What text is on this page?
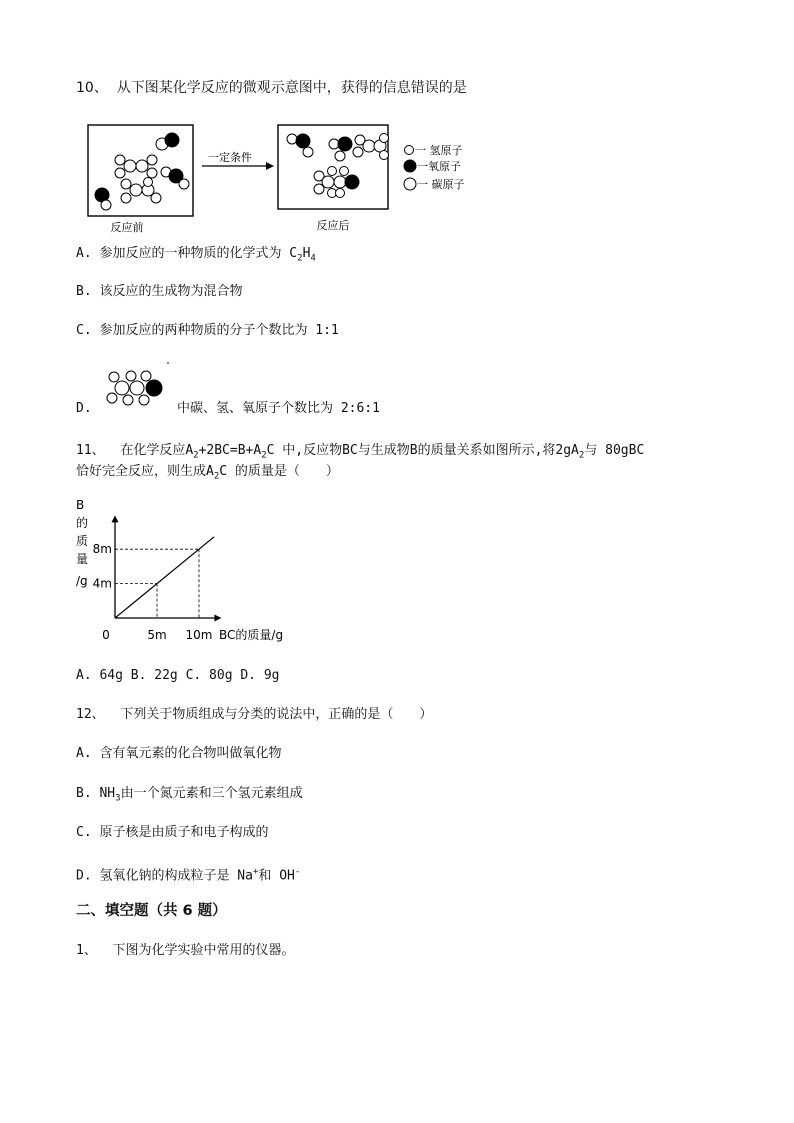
10、 从下图某化学反应的微观示意图中，获得的信息错误的是
反应前
一定条件
反应后
一 氢原子
一氧原子
一 碳原子
A. 参加反应的一种物质的化学式为 $C_2H_4$
B. 该反应的生成物为混合物
C. 参加反应的两种物质的分子个数比为 1:1
D.	中碳、氢、氧原子个数比为 2:6:1
11、 在化学反应$A_2+2BC=B+A_2C$ 中,反应物BC与生成物B的质量关系如图所示,将$2gA_2$与 80gBC
恰好完全反应，则生成$A_2C$ 的质量是（　　）
4m
5m
8m
10m
0
B
的
质
量
/g
BC的质量/g
A. 64g B. 22g C. 80g D. 9g
12、 下列关于物质组成与分类的说法中，正确的是（　　）
A. 含有氧元素的化合物叫做氧化物
B. $NH_3$由一个氮元素和三个氢元素组成
C. 原子核是由质子和电子构成的
D. 氢氧化钠的构成粒子是 Na+和 OH-
二、填空题（共 6 题）
1、 下图为化学实验中常用的仪器。
